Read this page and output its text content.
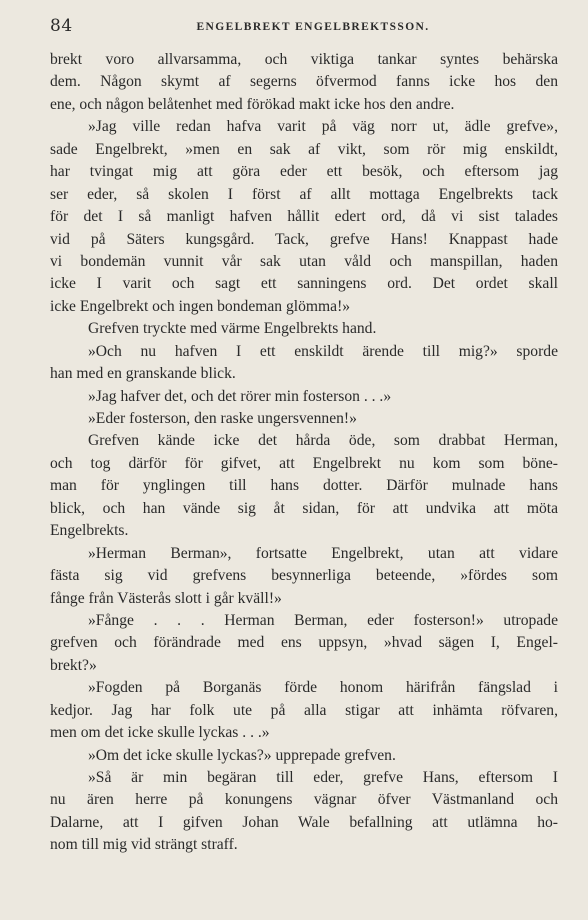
84	ENGELBREKT ENGELBREKTSSON.
brekt voro allvarsamma, och viktiga tankar syntes behärska
dem. Någon skymt af segerns öfvermod fanns icke hos den
ene, och någon belåtenhet med förökad makt icke hos den andre.
»Jag ville redan hafva varit på väg norr ut, ädle grefve»,
sade Engelbrekt, »men en sak af vikt, som rör mig enskildt,
har tvingat mig att göra eder ett besök, och eftersom jag
ser eder, så skolen I först af allt mottaga Engelbrekts tack
för det I så manligt hafven hållit edert ord, då vi sist talades
vid på Säters kungsgård. Tack, grefve Hans! Knappast hade
vi bondemän vunnit vår sak utan våld och manspillan, haden
icke I varit och sagt ett sanningens ord. Det ordet skall
icke Engelbrekt och ingen bondeman glömma!»
Grefven tryckte med värme Engelbrekts hand.
»Och nu hafven I ett enskildt ärende till mig?» sporde
han med en granskande blick.
»Jag hafver det, och det rörer min fosterson . . .»
»Eder fosterson, den raske ungersvennen!»
Grefven kände icke det hårda öde, som drabbat Herman,
och tog därför för gifvet, att Engelbrekt nu kom som böne-
man för ynglingen till hans dotter. Därför mulnade hans
blick, och han vände sig åt sidan, för att undvika att möta
Engelbrekts.
»Herman Berman», fortsatte Engelbrekt, utan att vidare
fästa sig vid grefvens besynnerliga beteende, »fördes som
fånge från Västerås slott i går kväll!»
»Fånge . . . Herman Berman, eder fosterson!» utropade
grefven och förändrade med ens uppsyn, »hvad sägen I, Engel-
brekt?»
»Fogden på Borganäs förde honom härifrån fängslad i
kedjor. Jag har folk ute på alla stigar att inhämta röfvaren,
men om det icke skulle lyckas . . .»
»Om det icke skulle lyckas?» upprepade grefven.
»Så är min begäran till eder, grefve Hans, eftersom I
nu ären herre på konungens vägnar öfver Västmanland och
Dalarne, att I gifven Johan Wale befallning att utlämna ho-
nom till mig vid strängt straff.
